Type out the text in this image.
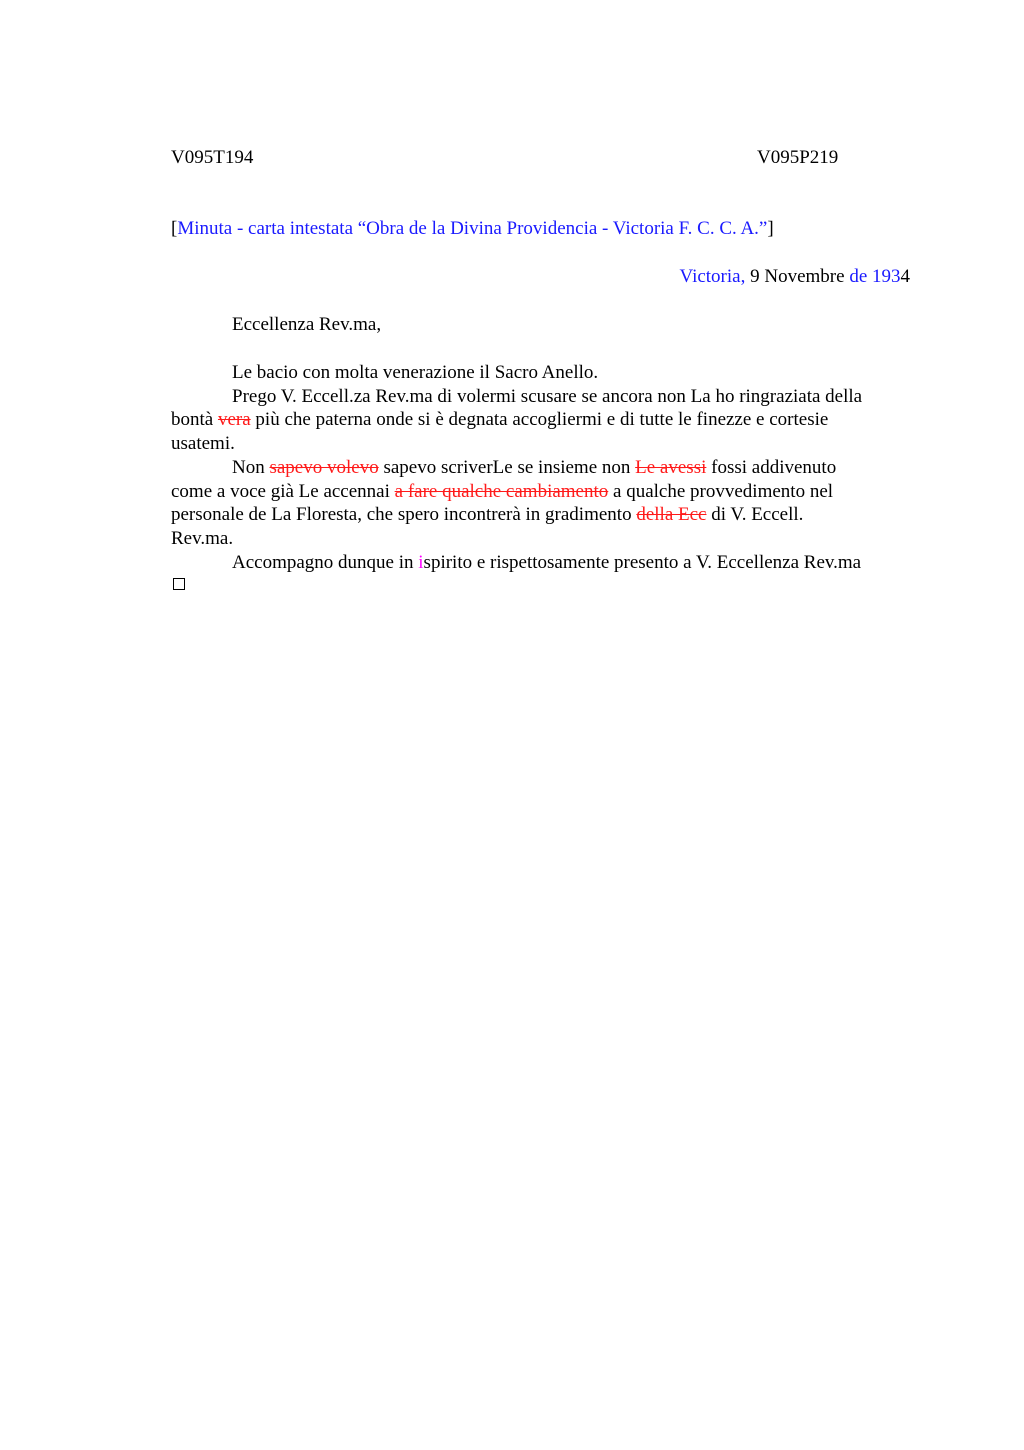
V095T194	V095P219
[Minuta - carta intestata “Obra de la Divina Providencia - Victoria F. C. C. A.”]
Victoria, 9 Novembre de 1934
Eccellenza Rev.ma,
Le bacio con molta venerazione il Sacro Anello.
Prego V. Eccell.za Rev.ma di volermi scusare se ancora non La ho ringraziata della
bontà vera più che paterna onde si è degnata accogliermi e di tutte le finezze e cortesie
usatemi.
Non sapevo volevo sapevo scriverLe se insieme non Le avessi fossi addivenuto
come a voce già Le accennai a fare qualche cambiamento a qualche provvedimento nel
personale de La Floresta, che spero incontrerà in gradimento della Ecc di V. Eccell.
Rev.ma.
Accompagno dunque in ispirito e rispettosamente presento a V. Eccellenza Rev.ma
